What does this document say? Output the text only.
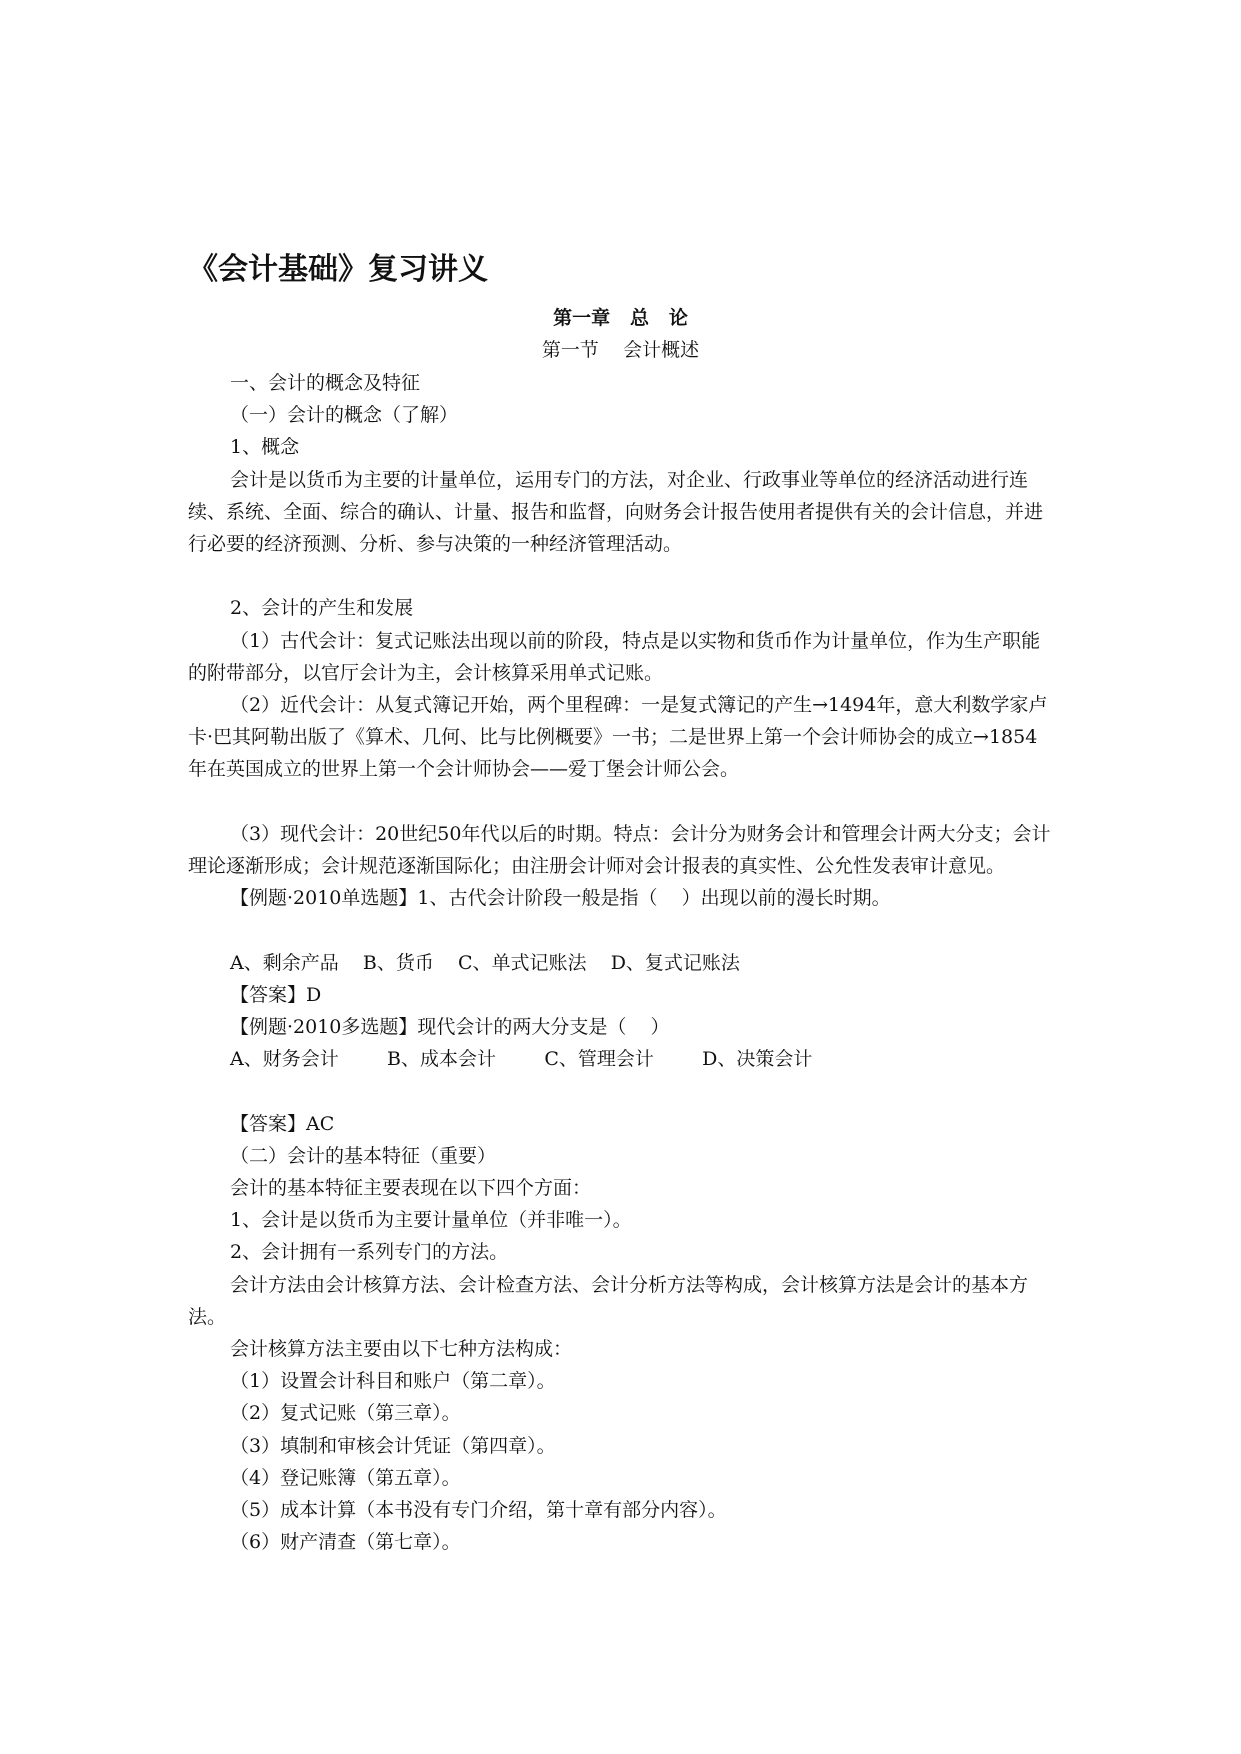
《会计基础》复习讲义
第一章   总   论
第一节    会计概述

一、会计的概念及特征

（一）会计的概念（了解）

1、概念

会计是以货币为主要的计量单位，运用专门的方法，对企业、行政事业等单位的经济活动进行连续、系统、全面、综合的确认、计量、报告和监督，向财务会计报告使用者提供有关的会计信息，并进行必要的经济预测、分析、参与决策的一种经济管理活动。

2、会计的产生和发展

（1）古代会计：复式记账法出现以前的阶段，特点是以实物和货币作为计量单位，作为生产职能的附带部分，以官厅会计为主，会计核算采用单式记账。

（2）近代会计：从复式簿记开始，两个里程碑：一是复式簿记的产生→1494年，意大利数学家卢卡·巴其阿勒出版了《算术、几何、比与比例概要》一书；二是世界上第一个会计师协会的成立→1854年在英国成立的世界上第一个会计师协会——爱丁堡会计师公会。

（3）现代会计：20世纪50年代以后的时期。特点：会计分为财务会计和管理会计两大分支；会计理论逐渐形成；会计规范逐渐国际化；由注册会计师对会计报表的真实性、公允性发表审计意见。

【例题·2010单选题】1、古代会计阶段一般是指（    ）出现以前的漫长时期。

A、剩余产品    B、货币    C、单式记账法    D、复式记账法

【答案】D

【例题·2010多选题】现代会计的两大分支是（    ）

A、财务会计        B、成本会计        C、管理会计        D、决策会计

【答案】AC

（二）会计的基本特征（重要）

会计的基本特征主要表现在以下四个方面：

1、会计是以货币为主要计量单位（并非唯一）。

2、会计拥有一系列专门的方法。

会计方法由会计核算方法、会计检查方法、会计分析方法等构成，会计核算方法是会计的基本方法。

会计核算方法主要由以下七种方法构成：

（1）设置会计科目和账户（第二章）。

（2）复式记账（第三章）。

（3）填制和审核会计凭证（第四章）。

（4）登记账簿（第五章）。

（5）成本计算（本书没有专门介绍，第十章有部分内容）。

（6）财产清查（第七章）。
